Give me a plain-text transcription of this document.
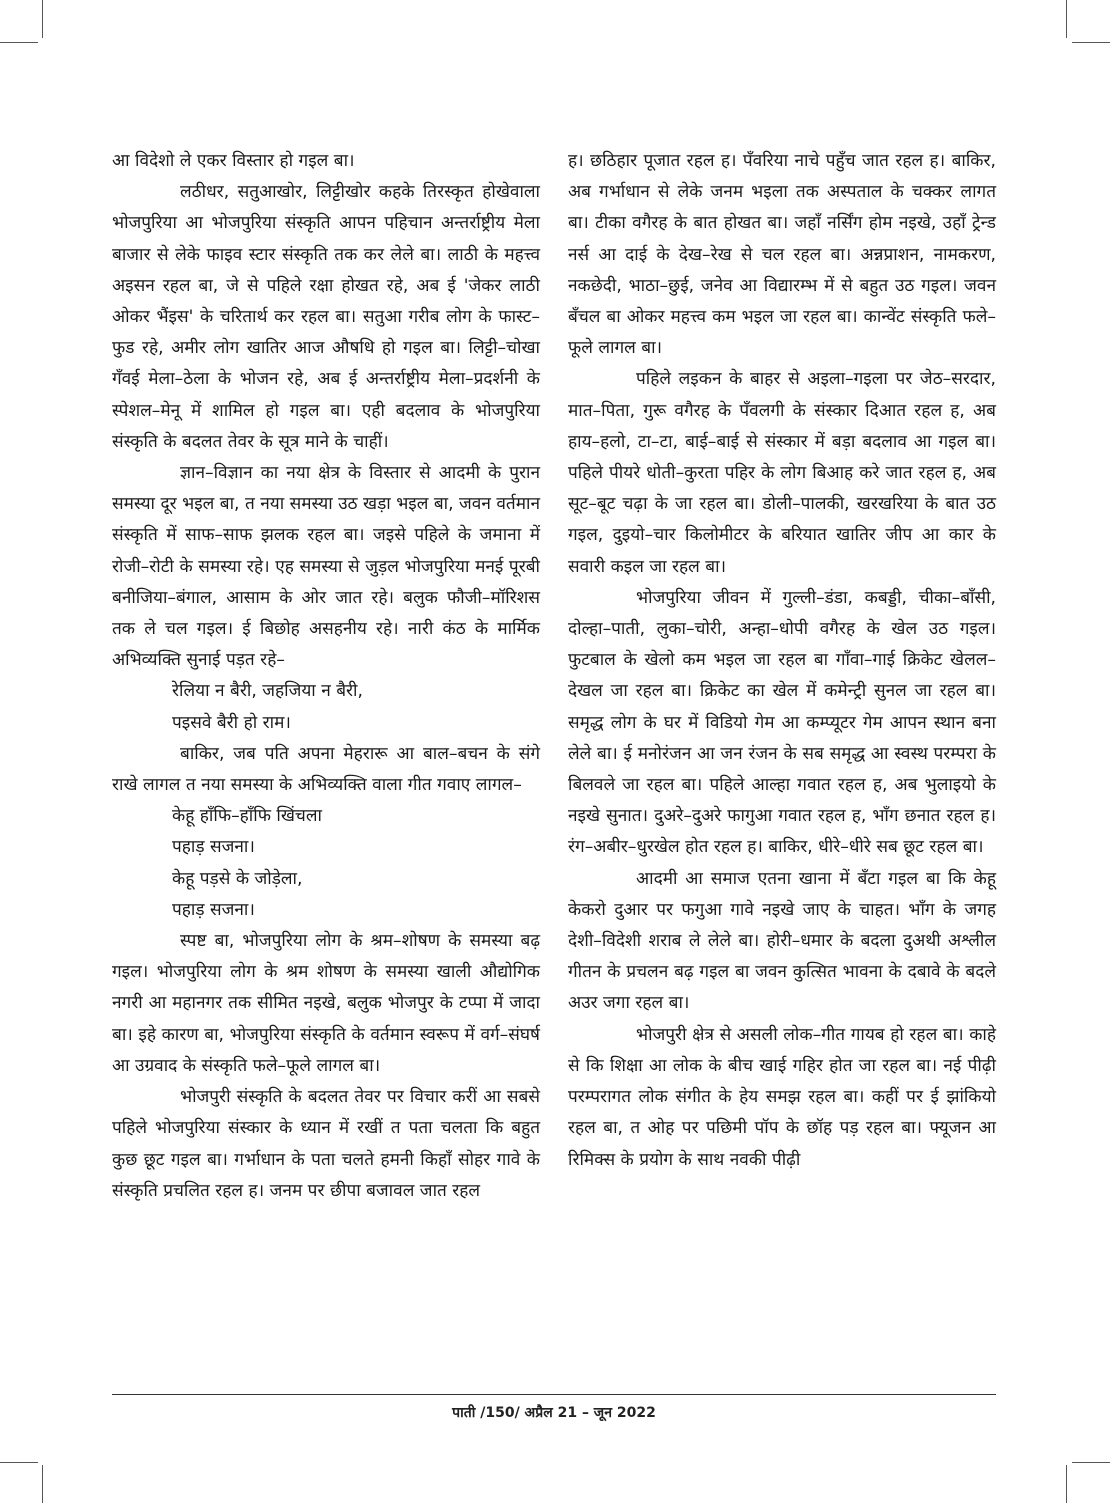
आ विदेशो ले एकर विस्तार हो गइल बा।

लठीधर, सतुआखोर, लिट्टीखोर कहके तिरस्कृत होखेवाला भोजपुरिया आ भोजपुरिया संस्कृति आपन पहिचान अन्तर्राष्ट्रीय मेला बाजार से लेके फाइव स्टार संस्कृति तक कर लेले बा। लाठी के महत्त्व अइसन रहल बा, जे से पहिले रक्षा होखत रहे, अब ई 'जेकर लाठी ओकर भैंइस' के चरितार्थ कर रहल बा। सतुआ गरीब लोग के फास्ट–फुड रहे, अमीर लोग खातिर आज औषधि हो गइल बा। लिट्टी–चोखा गँवई मेला–ठेला के भोजन रहे, अब ई अन्तर्राष्ट्रीय मेला–प्रदर्शनी के स्पेशल–मेनू में शामिल हो गइल बा। एही बदलाव के भोजपुरिया संस्कृति के बदलत तेवर के सूत्र माने के चाहीं।

ज्ञान–विज्ञान का नया क्षेत्र के विस्तार से आदमी के पुरान समस्या दूर भइल बा, त नया समस्या उठ खड़ा भइल बा, जवन वर्तमान संस्कृति में साफ–साफ झलक रहल बा। जइसे पहिले के जमाना में रोजी–रोटी के समस्या रहे। एह समस्या से जुड़ल भोजपुरिया मनई पूरबी बनीजिया–बंगाल, आसाम के ओर जात रहे। बलुक फौजी–मॉरिशस तक ले चल गइल। ई बिछोह असहनीय रहे। नारी कंठ के मार्मिक अभिव्यक्ति सुनाई पड़त रहे–

रेलिया न बैरी, जहजिया न बैरी,

पइसवे बैरी हो राम।

बाकिर, जब पति अपना मेहरारू आ बाल–बचन के संगे राखे लागल त नया समस्या के अभिव्यक्ति वाला गीत गवाए लागल–

केहू हाँफि–हाँफि खिंचला

पहाड़ सजना।

केहू पड़से के जोड़ेला,

पहाड़ सजना।

स्पष्ट बा, भोजपुरिया लोग के श्रम–शोषण के समस्या बढ़ गइल। भोजपुरिया लोग के श्रम शोषण के समस्या खाली औद्योगिक नगरी आ महानगर तक सीमित नइखे, बलुक भोजपुर के टप्पा में जादा बा। इहे कारण बा, भोजपुरिया संस्कृति के वर्तमान स्वरूप में वर्ग–संघर्ष आ उग्रवाद के संस्कृति फले–फूले लागल बा।

भोजपुरी संस्कृति के बदलत तेवर पर विचार करीं आ सबसे पहिले भोजपुरिया संस्कार के ध्यान में रखीं त पता चलता कि बहुत कुछ छूट गइल बा। गर्भाधान के पता चलते हमनी किहाँ सोहर गावे के संस्कृति प्रचलित रहल ह। जनम पर छीपा बजावल जात रहल

ह। छठिहार पूजात रहल ह। पँवरिया नाचे पहुँच जात रहल ह। बाकिर, अब गर्भाधान से लेके जनम भइला तक अस्पताल के चक्कर लागत बा। टीका वगैरह के बात होखत बा। जहाँ नर्सिंग होम नइखे, उहाँ ट्रेन्ड नर्स आ दाई के देख–रेख से चल रहल बा। अन्नप्राशन, नामकरण, नकछेदी, भाठा–छुई, जनेव आ विद्यारम्भ में से बहुत उठ गइल। जवन बँचल बा ओकर महत्त्व कम भइल जा रहल बा। कान्वेंट संस्कृति फले–फूले लागल बा।

पहिले लइकन के बाहर से अइला–गइला पर जेठ–सरदार, मात–पिता, गुरू वगैरह के पँवलगी के संस्कार दिआत रहल ह, अब हाय–हलो, टा–टा, बाई–बाई से संस्कार में बड़ा बदलाव आ गइल बा। पहिले पीयरे धोती–कुरता पहिर के लोग बिआह करे जात रहल ह, अब सूट–बूट चढ़ा के जा रहल बा। डोली–पालकी, खरखरिया के बात उठ गइल, दुइयो–चार किलोमीटर के बरियात खातिर जीप आ कार के सवारी कइल जा रहल बा।

भोजपुरिया जीवन में गुल्ली–डंडा, कबड्डी, चीका–बाँसी, दोल्हा–पाती, लुका–चोरी, अन्हा–धोपी वगैरह के खेल उठ गइल। फुटबाल के खेलो कम भइल जा रहल बा गाँवा–गाई क्रिकेट खेलल–देखल जा रहल बा। क्रिकेट का खेल में कमेन्ट्री सुनल जा रहल बा। समृद्ध लोग के घर में विडियो गेम आ कम्प्यूटर गेम आपन स्थान बना लेले बा। ई मनोरंजन आ जन रंजन के सब समृद्ध आ स्वस्थ परम्परा के बिलवले जा रहल बा। पहिले आल्हा गवात रहल ह, अब भुलाइयो के नइखे सुनात। दुअरे–दुअरे फागुआ गवात रहल ह, भाँग छनात रहल ह। रंग–अबीर–धुरखेल होत रहल ह। बाकिर, धीरे–धीरे सब छूट रहल बा।

आदमी आ समाज एतना खाना में बँटा गइल बा कि केहू केकरो दुआर पर फगुआ गावे नइखे जाए के चाहत। भाँग के जगह देशी–विदेशी शराब ले लेले बा। होरी–धमार के बदला दुअथी अश्लील गीतन के प्रचलन बढ़ गइल बा जवन कुत्सित भावना के दबावे के बदले अउर जगा रहल बा।

भोजपुरी क्षेत्र से असली लोक–गीत गायब हो रहल बा। काहे से कि शिक्षा आ लोक के बीच खाई गहिर होत जा रहल बा। नई पीढ़ी परम्परागत लोक संगीत के हेय समझ रहल बा। कहीं पर ई झांकियो रहल बा, त ओह पर पछिमी पॉप के छॉह पड़ रहल बा। फ्यूजन आ रिमिक्स के प्रयोग के साथ नवकी पीढ़ी

पाती /150/ अप्रैल 21 – जून 2022
